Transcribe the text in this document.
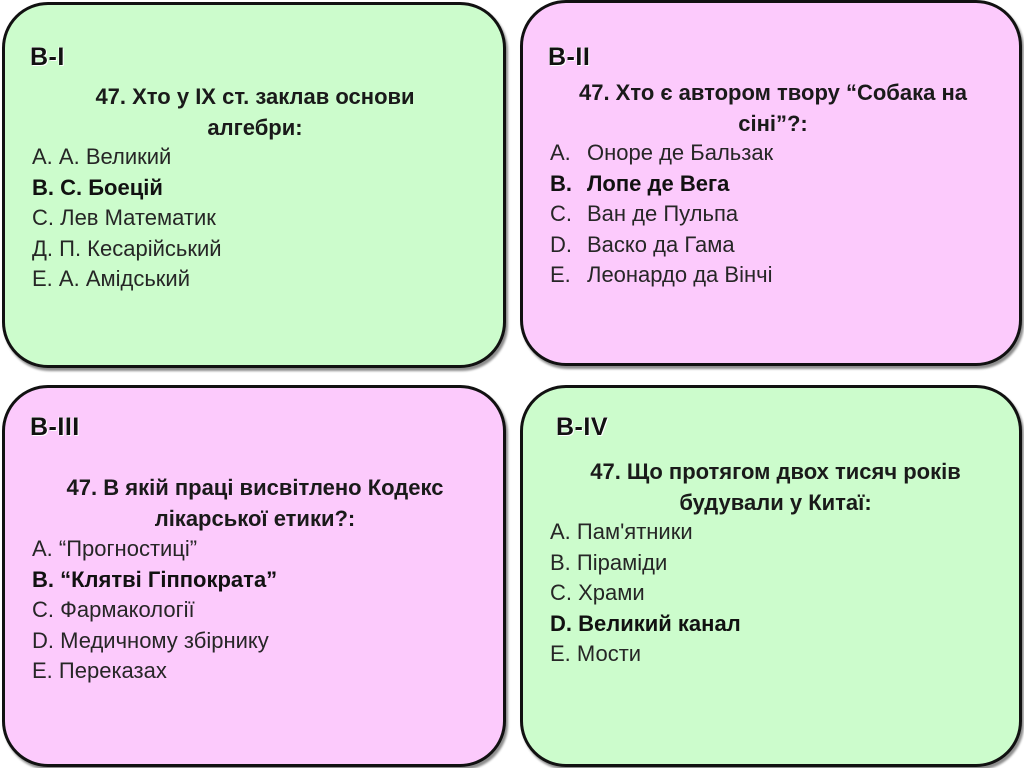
В-I
47. Хто у ІХ ст. заклав основи алгебри:
А. А. Великий
В. С. Боецій
С. Лев Математик
Д. П. Кесарійський
Е. А. Амідський
В-II
47. Хто є автором твору “Собака на сіні”?:
A. Оноре де Бальзак
B. Лопе де Вега
C. Ван де Пульпа
D. Васко да Гама
E. Леонардо да Вінчі
В-III
47. В якій праці висвітлено Кодекс лікарської етики?:
A. “Прогностиці”
B. “Клятві Гіппократа”
C. Фармакології
D. Медичному збірнику
E. Переказах
В-IV
47. Що протягом двох тисяч років будували у Китаї:
A. Пам'ятники
B. Піраміди
C. Храми
D. Великий канал
E. Мости
